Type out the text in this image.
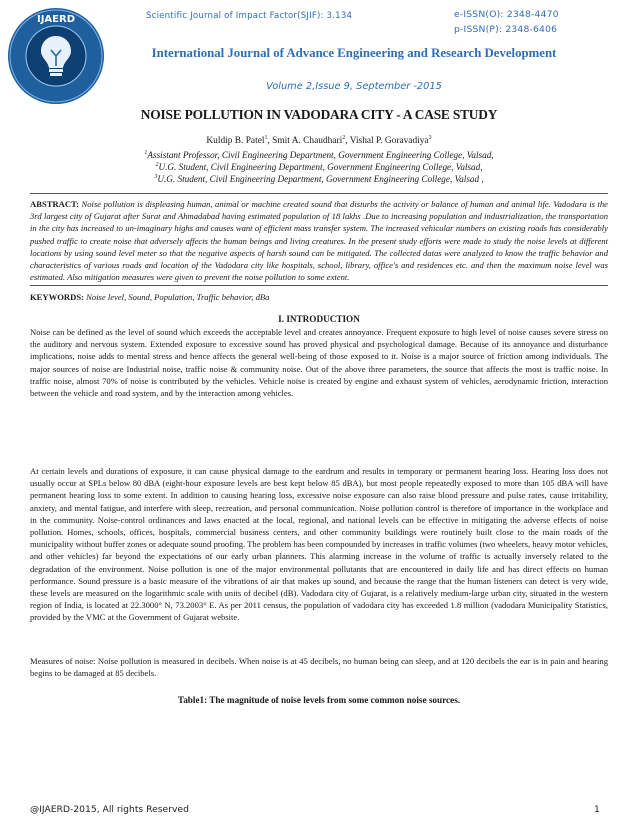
IJAERD	Scientific Journal of Impact Factor(SJIF): 3.134	e-ISSN(O): 2348-4470
p-ISSN(P): 2348-6406
International Journal of Advance Engineering and Research Development
Volume 2,Issue 9, September -2015
NOISE POLLUTION IN VADODARA CITY - A CASE STUDY
Kuldip B. Patel$^1$, Smit A. Chaudhari$^2$, Vishal P. Goravadiya$^3$
$^1$Assistant Professor, Civil Engineering Department, Government Engineering College, Valsad,
$^2$U.G. Student, Civil Engineering Department, Government Engineering College, Valsad,
$^3$U.G. Student, Civil Engineering Department, Government Engineering College, Valsad ,

ABSTRACT: Noise pollution is displeasing human, animal or machine created sound that disturbs the activity or balance of human and animal life. Vadodara is the 3rd largest city of Gujarat after Surat and Ahmadabad having estimated population of 18 lakhs .Due to increasing population and industrialization, the transportation in the city has increased to un-imaginary highs and causes want of efficient mass transfer system. The increased vehicular numbers on existing roads has considerably pushed traffic to create noise that adversely affects the human beings and living creatures. In the present study efforts were made to study the noise levels at different locations by using sound level meter so that the negative aspects of harsh sound can be mitigated. The collected datas were analyzed to know the traffic behavior and characteristics of various roads and location of the Vadodara city like hospitals, school, library, office's and residences etc. and then the maximum noise level was estimated. Also mitigation measures were given to prevent the noise pollution to some extent.

KEYWORDS: Noise level, Sound, Population, Traffic behavior, dBa

I. INTRODUCTION

Noise can be defined as the level of sound which exceeds the acceptable level and creates annoyance. Frequent exposure to high level of noise causes severe stress on the auditory and nervous system. Extended exposure to excessive sound has proved physical and psychological damage. Because of its annoyance and disturbance implications, noise adds to mental stress and hence affects the general well-being of those exposed to it. Noise is a major source of friction among individuals. The major sources of noise are Industrial noise, traffic noise & community noise. Out of the above three parameters, the source that affects the most is traffic noise. In traffic noise, almost 70% of noise is contributed by the vehicles. Vehicle noise is created by engine and exhaust system of vehicles, aerodynamic friction, interaction between the vehicle and road system, and by the interaction among vehicles.

At certain levels and durations of exposure, it can cause physical damage to the eardrum and results in temporary or permanent hearing loss. Hearing loss does not usually occur at SPLs below 80 dBA (eight-hour exposure levels are best kept below 85 dBA), but most people repeatedly exposed to more than 105 dBA will have permanent hearing loss to some extent. In addition to causing hearing loss, excessive noise exposure can also raise blood pressure and pulse rates, cause irritability, anxiety, and mental fatigue, and interfere with sleep, recreation, and personal communication. Noise pollution control is therefore of importance in the workplace and in the community. Noise-control ordinances and laws enacted at the local, regional, and national levels can be effective in mitigating the adverse effects of noise pollution. Homes, schools, offices, hospitals, commercial business centers, and other community buildings were routinely built close to the main roads of the municipality without buffer zones or adequate sound proofing. The problem has been compounded by increases in traffic volumes (two wheelers, heavy motor vehicles, and other vehicles) far beyond the expectations of our early urban planners. This alarming increase in the volume of traffic is actually inversely related to the degradation of the environment. Noise pollution is one of the major environmental pollutants that are encountered in daily life and has direct effects on human performance. Sound pressure is a basic measure of the vibrations of air that makes up sound, and because the range that the human listeners can detect is very wide, these levels are measured on the logarithmic scale with units of decibel (dB). Vadodara city of Gujarat, is a relatively medium-large urban city, situated in the western region of India, is located at 22.3000° N, 73.2003° E. As per 2011 census, the population of vadodara city has exceeded 1.8 million (vadodara Municipality Statistics, provided by the VMC at the Government of Gujarat website.

Measures of noise: Noise pollution is measured in decibels. When noise is at 45 decibels, no human being can sleep, and at 120 decibels the ear is in pain and hearing begins to be damaged at 85 decibels.

Table1: The magnitude of noise levels from some common noise sources.
@IJAERD-2015, All rights Reserved	1
